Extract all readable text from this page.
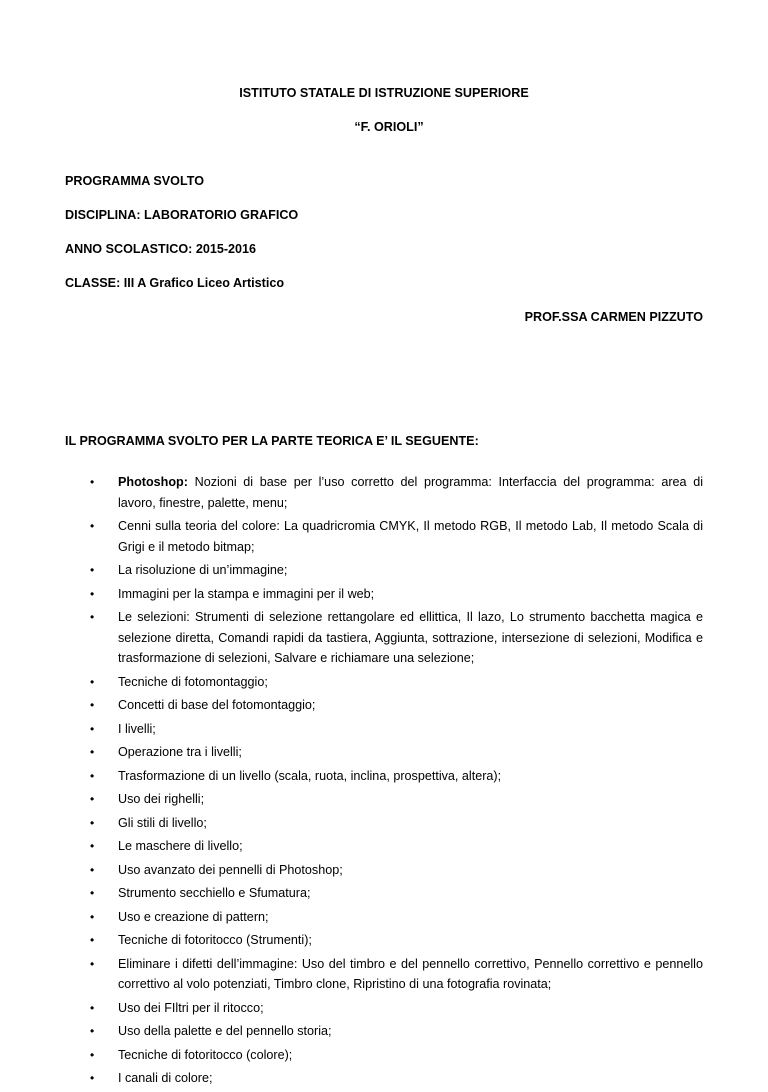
ISTITUTO STATALE DI ISTRUZIONE SUPERIORE
“F. ORIOLI”
PROGRAMMA SVOLTO
DISCIPLINA: LABORATORIO GRAFICO
ANNO SCOLASTICO: 2015-2016
CLASSE: III A Grafico Liceo Artistico
PROF.SSA CARMEN PIZZUTO
IL PROGRAMMA SVOLTO PER LA PARTE TEORICA E’ IL SEGUENTE:
• Photoshop: Nozioni di base per l’uso corretto del programma: Interfaccia del programma: area di lavoro, finestre, palette, menu;
• Cenni sulla teoria del colore: La quadricromia CMYK, Il metodo RGB, Il metodo Lab, Il metodo Scala di Grigi e il metodo bitmap;
• La risoluzione di un’immagine;
• Immagini per la stampa e immagini per il web;
• Le selezioni: Strumenti di selezione rettangolare ed ellittica, Il lazo, Lo strumento bacchetta magica e selezione diretta, Comandi rapidi da tastiera, Aggiunta, sottrazione, intersezione di selezioni, Modifica e trasformazione di selezioni, Salvare e richiamare una selezione;
• Tecniche di fotomontaggio;
• Concetti di base del fotomontaggio;
• I livelli;
• Operazione tra i livelli;
• Trasformazione di un livello (scala, ruota, inclina, prospettiva, altera);
• Uso dei righelli;
• Gli stili di livello;
• Le maschere di livello;
• Uso avanzato dei pennelli di Photoshop;
• Strumento secchiello e Sfumatura;
• Uso e creazione di pattern;
• Tecniche di fotoritocco (Strumenti);
• Eliminare i difetti dell’immagine: Uso del timbro e del pennello correttivo, Pennello correttivo e pennello correttivo al volo potenziati, Timbro clone, Ripristino di una fotografia rovinata;
• Uso dei FIltri per il ritocco;
• Uso della palette e del pennello storia;
• Tecniche di fotoritocco (colore);
• I canali di colore;
